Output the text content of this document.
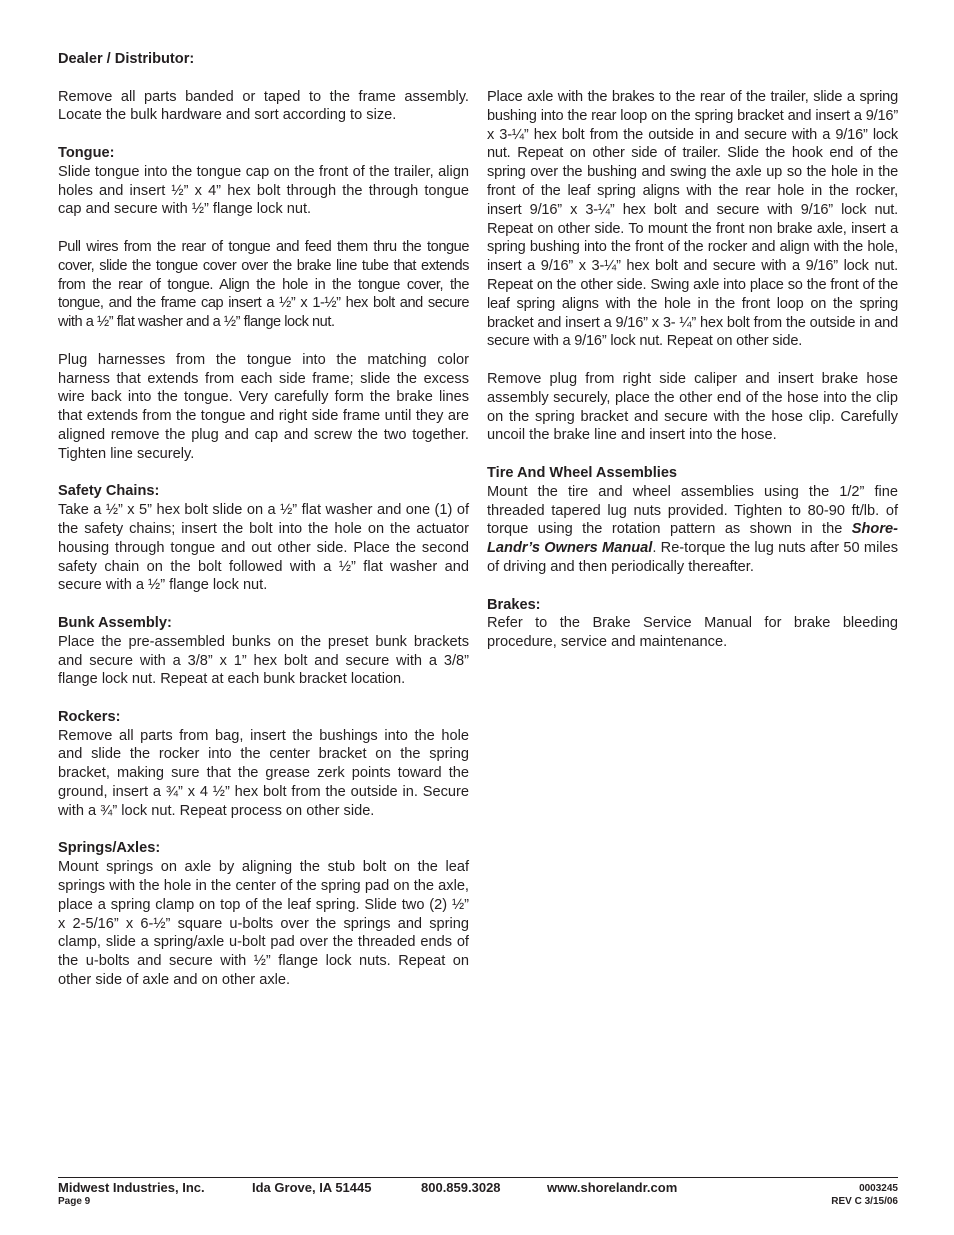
Dealer / Distributor:
Remove all parts banded or taped to the frame assembly. Locate the bulk hardware and sort according to size.
Tongue:
Slide tongue into the tongue cap on the front of the trailer, align holes and insert ½” x 4” hex bolt through the through tongue cap and secure with ½” flange lock nut.
Pull wires from the rear of tongue and feed them thru the tongue cover, slide the tongue cover over the brake line tube that extends from the rear of tongue. Align the hole in the tongue cover, the tongue, and the frame cap insert a ½” x 1-½” hex bolt and secure with a ½” flat washer and a ½” flange lock nut.
Plug harnesses from the tongue into the matching color harness that extends from each side frame; slide the excess wire back into the tongue. Very carefully form the brake lines that extends from the tongue and right side frame until they are aligned remove the plug and cap and screw the two together. Tighten line securely.
Safety Chains:
Take a ½” x 5” hex bolt slide on a ½” flat washer and one (1) of the safety chains; insert the bolt into the hole on the actuator housing through tongue and out other side. Place the second safety chain on the bolt followed with a ½” flat washer and secure with a ½” flange lock nut.
Bunk Assembly:
Place the pre-assembled bunks on the preset bunk brackets and secure with a 3/8” x 1” hex bolt and secure with a 3/8” flange lock nut. Repeat at each bunk bracket location.
Rockers:
Remove all parts from bag, insert the bushings into the hole and slide the rocker into the center bracket on the spring bracket, making sure that the grease zerk points toward the ground, insert a ¾” x 4 ½” hex bolt from the outside in. Secure with a ¾” lock nut. Repeat process on other side.
Springs/Axles:
Mount springs on axle by aligning the stub bolt on the leaf springs with the hole in the center of the spring pad on the axle, place a spring clamp on top of the leaf spring. Slide two (2) ½” x 2-5/16” x 6-½” square u-bolts over the springs and spring clamp, slide a spring/axle u-bolt pad over the threaded ends of the u-bolts and secure with ½” flange lock nuts. Repeat on other side of axle and on other axle.
Place axle with the brakes to the rear of the trailer, slide a spring bushing into the rear loop on the spring bracket and insert a 9/16” x 3-¼” hex bolt from the outside in and secure with a 9/16” lock nut. Repeat on other side of trailer. Slide the hook end of the spring over the bushing and swing the axle up so the hole in the front of the leaf spring aligns with the rear hole in the rocker, insert 9/16” x 3-¼” hex bolt and secure with 9/16” lock nut. Repeat on other side. To mount the front non brake axle, insert a spring bushing into the front of the rocker and align with the hole, insert a 9/16” x 3-¼” hex bolt and secure with a 9/16” lock nut. Repeat on the other side. Swing axle into place so the front of the leaf spring aligns with the hole in the front loop on the spring bracket and insert a 9/16” x 3- ¼” hex bolt from the outside in and secure with a 9/16” lock nut. Repeat on other side.
Remove plug from right side caliper and insert brake hose assembly securely, place the other end of the hose into the clip on the spring bracket and secure with the hose clip. Carefully uncoil the brake line and insert into the hose.
Tire And Wheel Assemblies
Mount the tire and wheel assemblies using the 1/2” fine threaded tapered lug nuts provided. Tighten to 80-90 ft/lb. of torque using the rotation pattern as shown in the Shore-Landr’s Owners Manual. Re-torque the lug nuts after 50 miles of driving and then periodically thereafter.
Brakes:
Refer to the Brake Service Manual for brake bleeding procedure, service and maintenance.
Midwest Industries, Inc.	Ida Grove, IA 51445	800.859.3028	www.shorelandr.com
Page 9
0003245
REV C 3/15/06
